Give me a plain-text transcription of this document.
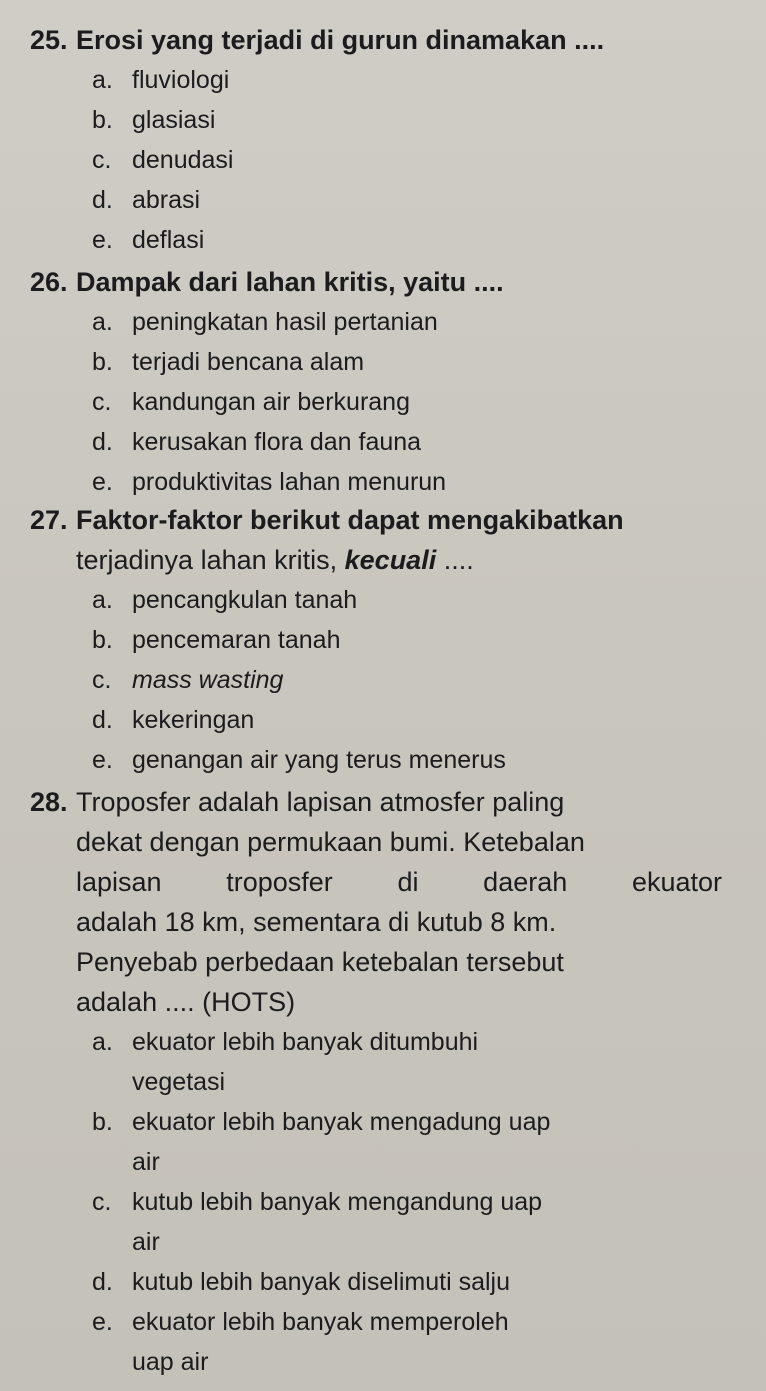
25. Erosi yang terjadi di gurun dinamakan ....
a. fluviologi
b. glasiasi
c. denudasi
d. abrasi
e. deflasi
26. Dampak dari lahan kritis, yaitu ....
a. peningkatan hasil pertanian
b. terjadi bencana alam
c. kandungan air berkurang
d. kerusakan flora dan fauna
e. produktivitas lahan menurun
27. Faktor-faktor berikut dapat mengakibatkan
terjadinya lahan kritis, kecuali ....
a. pencangkulan tanah
b. pencemaran tanah
c. mass wasting
d. kekeringan
e. genangan air yang terus menerus
28. Troposfer adalah lapisan atmosfer paling
dekat dengan permukaan bumi. Ketebalan
lapisan troposfer di daerah ekuator
adalah 18 km, sementara di kutub 8 km.
Penyebab perbedaan ketebalan tersebut
adalah .... (HOTS)
a. ekuator lebih banyak ditumbuhi
vegetasi
b. ekuator lebih banyak mengadung uap
air
c. kutub lebih banyak mengandung uap
air
d. kutub lebih banyak diselimuti salju
e. ekuator lebih banyak memperoleh
uap air
